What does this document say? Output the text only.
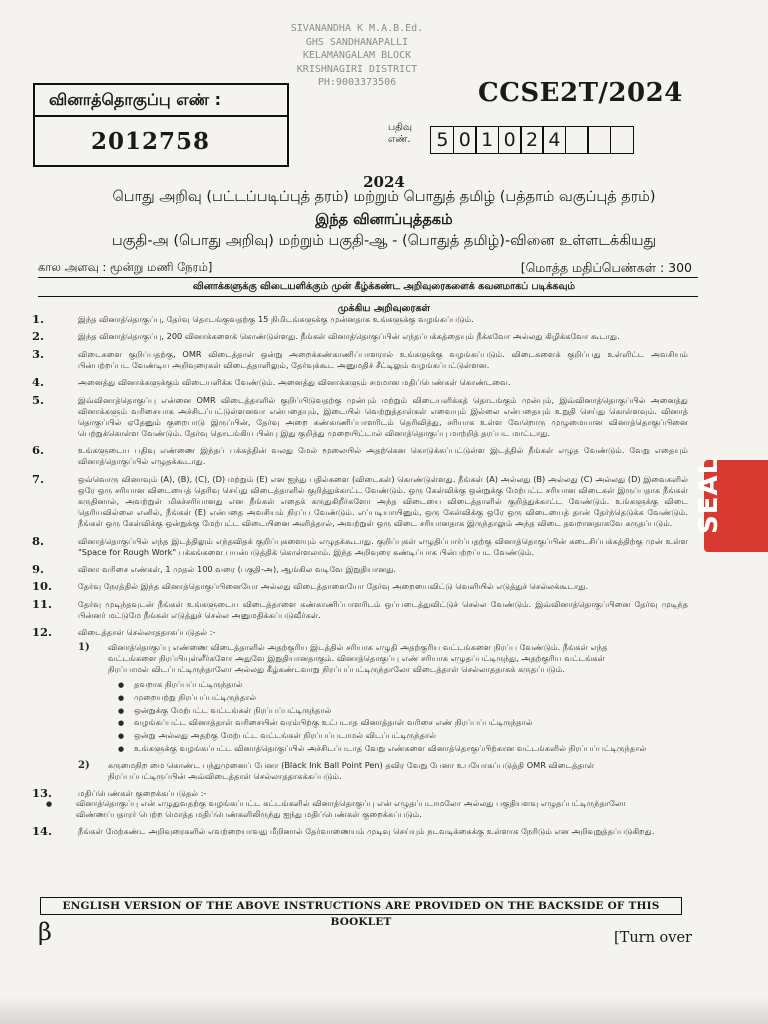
SIVANANDHA K M.A.B.Ed.
GHS SANDHANAPALLI
KELAMANGALAM BLOCK
KRISHNAGIRI DISTRICT
PH:9003373506
வினாத்தொகுப்பு எண் :
2012758
CCSE2T/2024
பதிவு எண்.	5 0 1 0 2 4
2024
பொது அறிவு (பட்டப்படிப்புத் தரம்) மற்றும் பொதுத் தமிழ் (பத்தாம் வகுப்புத் தரம்)
இந்த வினாப்புத்தகம்
பகுதி-அ (பொது அறிவு) மற்றும் பகுதி-ஆ - (பொதுத் தமிழ்)-வினை உள்ளடக்கியது
கால அளவு : மூன்று மணி நேரம்]	[மொத்த மதிப்பெண்கள் : 300
வினாக்களுக்கு விடையளிக்கும் முன் கீழ்க்கண்ட அறிவுரைகளைக் கவனமாகப் படிக்கவும்
முக்கிய அறிவுரைகள்
1.	இந்த வினாத்தொகுப்பு, தேர்வு தொடங்குவதற்கு 15 நிமிடங்களுக்கு முன்னதாக உங்களுக்கு வழங்கப்படும்.
2.	இந்த வினாத்தொகுப்பு, 200 வினாக்களைக் கொண்டுள்ளது. நீங்கள் வினாத்தொகுப்பின் எந்தப்பக்கத்தையும் நீக்கவோ அல்லது கிழிக்கவோ கூடாது.
3.	விடைகளை குறிப்பதற்கு, OMR விடைத்தாள் ஒன்று அறைக்கண்காணிப்பாளரால் உங்களுக்கு வழங்கப்படும். விடைகளைக் குறிப்பது உள்ளிட்ட அவசியம் பின்பற்றப்பட வேண்டிய அறிவுரைகள் விடைத்தாளிலும், தேர்வுக்கூட அனுமதிச் சீட்டிலும் வழங்கப்பட்டுள்ளன.
4.	அனைத்து வினாக்களுக்கும் விடையளிக்க வேண்டும். அனைத்து வினாக்களும் சமமான மதிப்பெண்கள் கொண்டவை.
5.	இவ்வினாத்தொகுப்பு என்னை OMR விடைத்தாளில் குறிப்பிடுவதற்கு முன்பும் மற்றும் விடையளிக்கத் தொடங்கும் முன்பும், இவ்வினாத்தொகுப்பில் அனைத்து வினாக்களும் வரிசையாக அச்சிடப்பட்டுள்ளனவா என்பதையும், இடையில் வெற்றுத்தாள்கள் எவையும் இல்லை என்பதையும் உறுதி செய்து கொள்ளவும். வினாத் தொகுப்பில் ஏதேனும் குறைபாடு இருப்பின், தேர்வு அறை கண்காணிப்பாளரிடம் தெரிவித்து, சரியாக உள்ள வேறொரு முழுமையான வினாத்தொகுப்பினை பெற்றுக்கொள்ள வேண்டும். தேர்வு தொடங்கிய பின்பு இது குறித்து முறையிட்டால் வினாத்தொகுப்பு மாற்றித் தரப்பட மாட்டாது.
6.	உங்களுடைய பதிவு எண்ணை இந்தப் பக்கத்தின் வலது மேல் மூலையில் அதற்கென கொடுக்கப்பட்டுள்ள இடத்தில் நீங்கள் எழுத வேண்டும். வேறு எதையும் வினாத்தொகுப்பில் எழுதக்கூடாது.
7.	ஒவ்வொரு வினாவும் (A), (B), (C), (D) மற்றும் (E) என ஐந்து பதில்களை (விடைகள்) கொண்டுள்ளது. நீங்கள் (A) அல்லது (B) அல்லது (C) அல்லது (D) இவைகளில் ஒரே ஒரு சரியான விடையைத் தெரிவு செய்து விடைத்தாளில் குறித்துக்காட்ட வேண்டும். ஒரு கேள்விக்கு ஒன்றுக்கு மேற்பட்ட சரியான விடைகள் இருப்பதாக நீங்கள் கருதினால், அவற்றுள் மிகச்சரியானது என நீங்கள் எதைக் கருதுகிறீர்களோ அந்த விடையை விடைத்தாளில் குறித்துக்காட்ட வேண்டும். உங்களுக்கு விடை தெரியவில்லை எனில், நீங்கள் (E) என்பதை அவசியம் நிரப்ப வேண்டும். எப்படியாயினும், ஒரு கேள்விக்கு ஒரே ஒரு விடையைத் தான் தேர்ந்தெடுக்க வேண்டும். நீங்கள் ஒரு கேள்விக்கு ஒன்றுக்கு மேற்பட்ட விடையினை அளித்தால், அவற்றுள் ஒரு விடை சரியானதாக இருந்தாலும் அந்த விடை தவறானதாகவே கருதப்படும்.
8.	வினாத்தொகுப்பில் எந்த இடத்திலும் எந்தவிதக் குறிப்புகளையும் எழுதக்கூடாது. குறிப்புகள் எழுதிப்பார்ப்பதற்கு வினாத்தொகுப்பின் கடைசிப்பக்கத்திற்கு முன் உள்ள "Space for Rough Work" பக்கங்களை பயன்படுத்திக் கொள்ளலாம். இந்த அறிவுரை கண்டிப்பாக பின்பற்றப்பட வேண்டும்.
9.	வினா வரிசை எண்கள், 1 முதல் 100 வரை (பகுதி-அ), ஆங்கில வடிவே இறுதியானது.
10.	தேர்வு நேரத்தில் இந்த வினாத்தொகுப்பினையோ அல்லது விடைத்தாளையோ தேர்வு அறையைவிட்டு வெளியில் எடுத்துச் செல்லக்கூடாது.
11.	தேர்வு முடிந்தவுடன் நீங்கள் உங்களுடைய விடைத்தாளை கண்காணிப்பாளரிடம் ஒப்படைத்துவிட்டுச் செல்ல வேண்டும். இவ்வினாத்தொகுப்பினை தேர்வு முடிந்த பின்னர் மட்டுமே நீங்கள் எடுத்துச் செல்ல அனுமதிக்கப்படுவீர்கள்.
12.	விடைத்தாள் செல்லாததாகப்படுதல் :-
1) வினாத்தொகுப்பு எண்ணை விடைத்தாளில் அதற்குரிய இடத்தில் சரியாக எழுதி அதற்குரிய வட்டங்களை நிரப்ப வேண்டும். நீங்கள் எந்த வட்டங்களை நிரப்பியுள்ளீர்களோ அதுவே இறுதியானதாகும். வினாத்தொகுப்பு எண் சரியாக எழுதப்பட்டிருந்து, அதற்குரிய வட்டங்கள் நிரப்பாமல் விடப்பட்டிருந்தாலோ அல்லது கீழ்கண்டவாறு நிரப்பப்பட்டிருந்தாலோ விடைத்தாள் செல்லாததாகக் கருதப்படும்.
● தவறாக நிரப்பப்பட்டிருந்தால்
● முறையற்று நிரப்பப்பட்டிருந்தால்
● ஒன்றுக்கு மேற்பட்ட வட்டங்கள் நிரப்பப்பட்டிருந்தால்
● வழங்கப்பட்ட வினாத்தாள் வரிசையின் வரம்பிற்கு உட்படாத வினாத்தாள் வரிசை எண் நிரப்பப்பட்டிருந்தால்
● ஒன்று அல்லது அதற்கு மேற்பட்ட வட்டங்கள் நிரப்பப்படாமல் விடப்பட்டிருந்தால்
● உங்களுக்கு வழங்கப்பட்ட வினாத்தொகுப்பில் அச்சிடப்படாத வேறு எண்களை வினாத்தொகுப்பிற்கான வட்டங்களில் நிரப்பப்பட்டிருந்தால்
2) கருமைநிற மை கொண்ட பந்துமுனைப் பேனா (Black Ink Ball Point Pen) தவிர வேறு பேனா உபயோகப்படுத்தி OMR விடைத்தாள் நிரப்பப்பட்டிருப்பின் அவ்விடைத்தாள் செல்லாததாகக்கப்படும்.
13.	மதிப்பெண்கள் குறைக்கப்படுதல் :-
●	வினாத்தொகுப்பு என் எழுதுவதற்கு வழங்கப்பட்ட கட்டங்களில் வினாத்தொகுப்பு என் எழுதப்படாமலோ அல்லது பகுதியளவு எழுதப்பட்டிருந்தாலோ விண்ணப்பதாரர் பெற்ற மொத்த மதிப்பெண்களிலிருந்து ஐந்து மதிப்பெண்கள் குறைக்கப்படும்.
14.	நீங்கள் மேற்கண்ட அறிவுரைகளில் எவற்றையாவது மீறினால் தேர்வாணையம் முடிவு செய்யும் நடவடிக்கைக்கு உள்ளாக நேரிடும் என அறிவுறுத்தப்படுகிறது.
ENGLISH VERSION OF THE ABOVE INSTRUCTIONS ARE PROVIDED ON THE BACKSIDE OF THIS BOOKLET
β	[Turn over
SEAL
